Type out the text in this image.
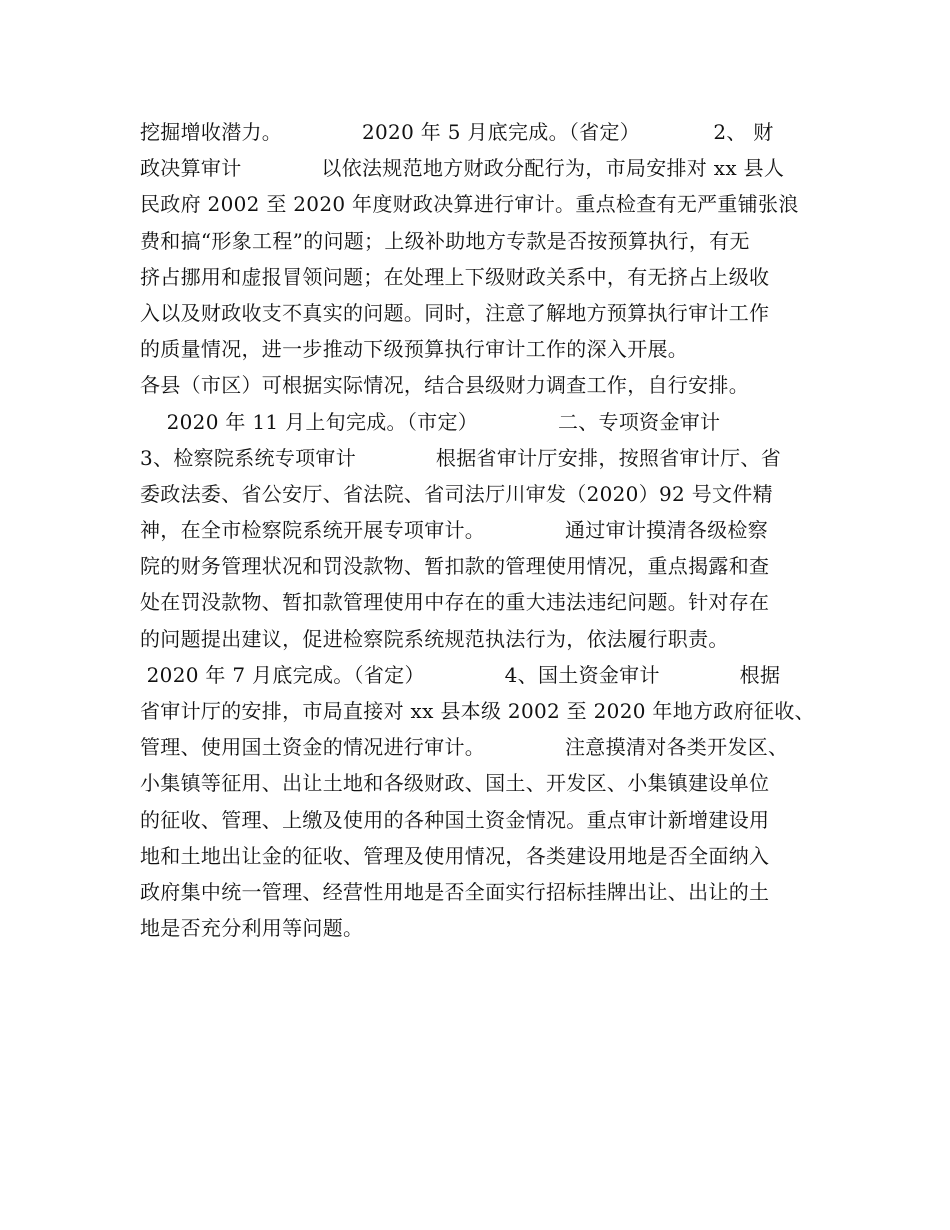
挖掘增收潜力。            2020 年 5 月底完成。（省定）           2、 财
政决算审计            以依法规范地方财政分配行为，市局安排对 xx 县人
民政府 2002 至 2020 年度财政决算进行审计。重点检查有无严重铺张浪
费和搞“形象工程”的问题；上级补助地方专款是否按预算执行，有无
挤占挪用和虚报冒领问题；在处理上下级财政关系中，有无挤占上级收
入以及财政收支不真实的问题。同时，注意了解地方预算执行审计工作
的质量情况，进一步推动下级预算执行审计工作的深入开展。
各县（市区）可根据实际情况，结合县级财力调查工作，自行安排。
2020 年 11 月上旬完成。（市定）            二、专项资金审计
3、检察院系统专项审计            根据省审计厅安排，按照省审计厅、省
委政法委、省公安厅、省法院、省司法厅川审发（2020）92 号文件精
神，在全市检察院系统开展专项审计。            通过审计摸清各级检察
院的财务管理状况和罚没款物、暂扣款的管理使用情况，重点揭露和查
处在罚没款物、暂扣款管理使用中存在的重大违法违纪问题。针对存在
的问题提出建议，促进检察院系统规范执法行为，依法履行职责。
2020 年 7 月底完成。（省定）            4、国土资金审计            根据
省审计厅的安排，市局直接对 xx 县本级 2002 至 2020 年地方政府征收、
管理、使用国土资金的情况进行审计。            注意摸清对各类开发区、
小集镇等征用、出让土地和各级财政、国土、开发区、小集镇建设单位
的征收、管理、上缴及使用的各种国土资金情况。重点审计新增建设用
地和土地出让金的征收、管理及使用情况，各类建设用地是否全面纳入
政府集中统一管理、经营性用地是否全面实行招标挂牌出让、出让的土
地是否充分利用等问题。
